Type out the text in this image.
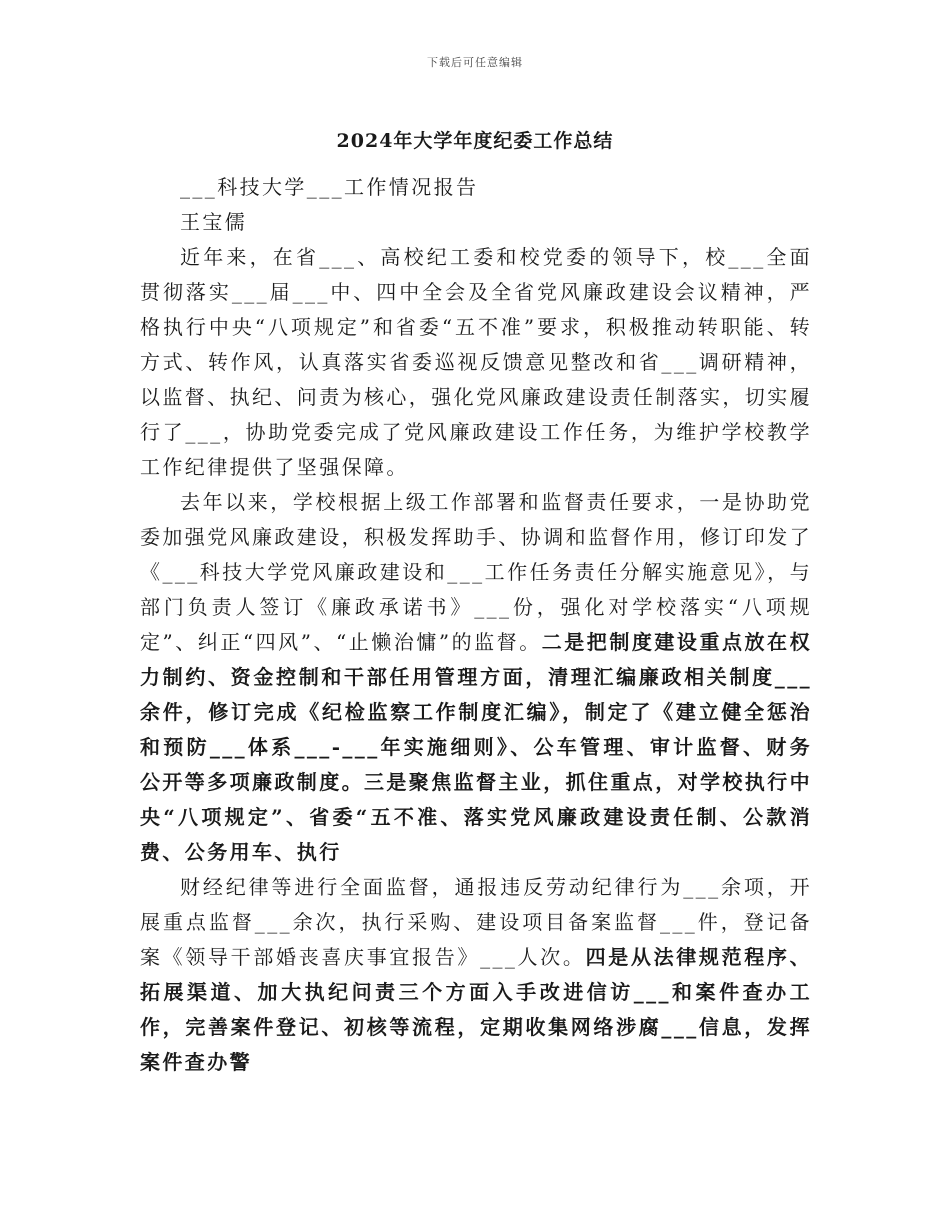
下载后可任意编辑
2024年大学年度纪委工作总结

___科技大学___工作情况报告

王宝儒

近年来，在省___、高校纪工委和校党委的领导下，校___全面贯彻落实___届___中、四中全会及全省党风廉政建设会议精神，严格执行中央“八项规定”和省委“五不准”要求，积极推动转职能、转方式、转作风，认真落实省委巡视反馈意见整改和省___调研精神，以监督、执纪、问责为核心，强化党风廉政建设责任制落实，切实履行了___，协助党委完成了党风廉政建设工作任务，为维护学校教学工作纪律提供了坚强保障。

去年以来，学校根据上级工作部署和监督责任要求，一是协助党委加强党风廉政建设，积极发挥助手、协调和监督作用，修订印发了《___科技大学党风廉政建设和___工作任务责任分解实施意见》，与部门负责人签订《廉政承诺书》___份，强化对学校落实“八项规定”、纠正“四风”、“止懒治慵”的监督。二是把制度建设重点放在权力制约、资金控制和干部任用管理方面，清理汇编廉政相关制度___余件，修订完成《纪检监察工作制度汇编》，制定了《建立健全惩治和预防___体系___-___年实施细则》、公车管理、审计监督、财务公开等多项廉政制度。三是聚焦监督主业，抓住重点，对学校执行中央“八项规定”、省委“五不准、落实党风廉政建设责任制、公款消费、公务用车、执行

财经纪律等进行全面监督，通报违反劳动纪律行为___余项，开展重点监督___余次，执行采购、建设项目备案监督___件，登记备案《领导干部婚丧喜庆事宜报告》___人次。四是从法律规范程序、拓展渠道、加大执纪问责三个方面入手改进信访___和案件查办工作，完善案件登记、初核等流程，定期收集网络涉腐___信息，发挥案件查办警
